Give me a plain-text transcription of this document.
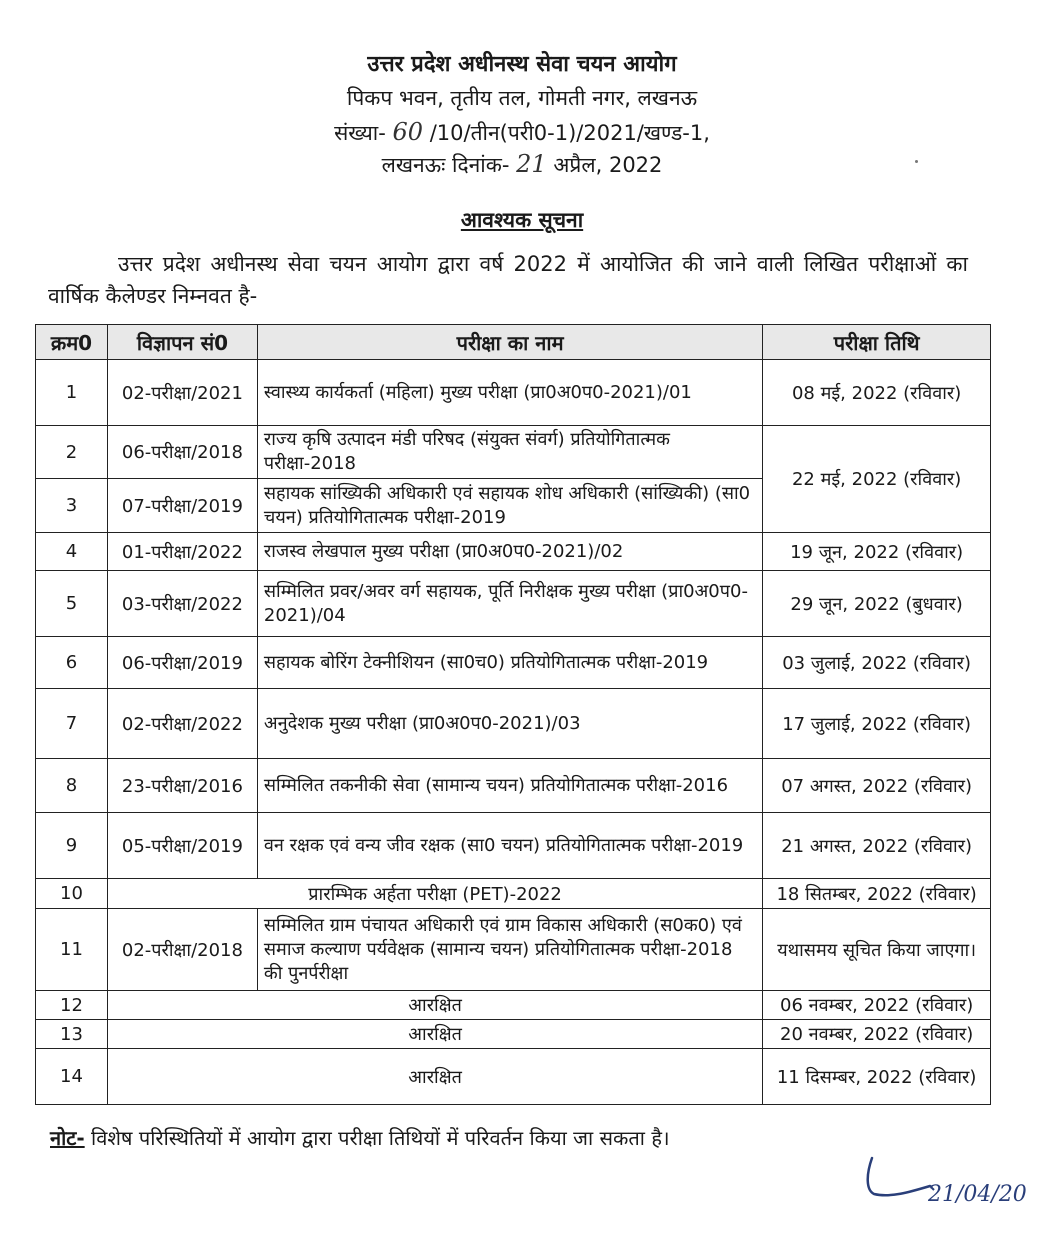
उत्तर प्रदेश अधीनस्थ सेवा चयन आयोग
पिकप भवन, तृतीय तल, गोमती नगर, लखनऊ
संख्या- 60 /10/तीन(परी0-1)/2021/खण्ड-1,
लखनऊः दिनांक- 21 अप्रैल, 2022
आवश्यक सूचना
उत्तर प्रदेश अधीनस्थ सेवा चयन आयोग द्वारा वर्ष 2022 में आयोजित की जाने वाली लिखित परीक्षाओं का वार्षिक कैलेण्डर निम्नवत है-
क्रम0	विज्ञापन सं0	परीक्षा का नाम	परीक्षा तिथि
1	02-परीक्षा/2021	स्वास्थ्य कार्यकर्ता (महिला) मुख्य परीक्षा (प्रा0अ0प0-2021)/01	08 मई, 2022 (रविवार)
2	06-परीक्षा/2018	राज्य कृषि उत्पादन मंडी परिषद (संयुक्त संवर्ग) प्रतियोगितात्मक परीक्षा-2018	22 मई, 2022 (रविवार)
3	07-परीक्षा/2019	सहायक सांख्यिकी अधिकारी एवं सहायक शोध अधिकारी (सांख्यिकी) (सा0 चयन) प्रतियोगितात्मक परीक्षा-2019	
4	01-परीक्षा/2022	राजस्व लेखपाल मुख्य परीक्षा (प्रा0अ0प0-2021)/02	19 जून, 2022 (रविवार)
5	03-परीक्षा/2022	सम्मिलित प्रवर/अवर वर्ग सहायक, पूर्ति निरीक्षक मुख्य परीक्षा (प्रा0अ0प0-2021)/04	29 जून, 2022 (बुधवार)
6	06-परीक्षा/2019	सहायक बोरिंग टेक्नीशियन (सा0च0) प्रतियोगितात्मक परीक्षा-2019	03 जुलाई, 2022 (रविवार)
7	02-परीक्षा/2022	अनुदेशक मुख्य परीक्षा (प्रा0अ0प0-2021)/03	17 जुलाई, 2022 (रविवार)
8	23-परीक्षा/2016	सम्मिलित तकनीकी सेवा (सामान्य चयन) प्रतियोगितात्मक परीक्षा-2016	07 अगस्त, 2022 (रविवार)
9	05-परीक्षा/2019	वन रक्षक एवं वन्य जीव रक्षक (सा0 चयन) प्रतियोगितात्मक परीक्षा-2019	21 अगस्त, 2022 (रविवार)
10	प्रारम्भिक अर्हता परीक्षा (PET)-2022		18 सितम्बर, 2022 (रविवार)
11	02-परीक्षा/2018	सम्मिलित ग्राम पंचायत अधिकारी एवं ग्राम विकास अधिकारी (स0क0) एवं समाज कल्याण पर्यवेक्षक (सामान्य चयन) प्रतियोगितात्मक परीक्षा-2018 की पुनर्परीक्षा	यथासमय सूचित किया जाएगा।
12	आरक्षित		06 नवम्बर, 2022 (रविवार)
13	आरक्षित		20 नवम्बर, 2022 (रविवार)
14	आरक्षित		11 दिसम्बर, 2022 (रविवार)
नोट- विशेष परिस्थितियों में आयोग द्वारा परीक्षा तिथियों में परिवर्तन किया जा सकता है।
21/04/20
